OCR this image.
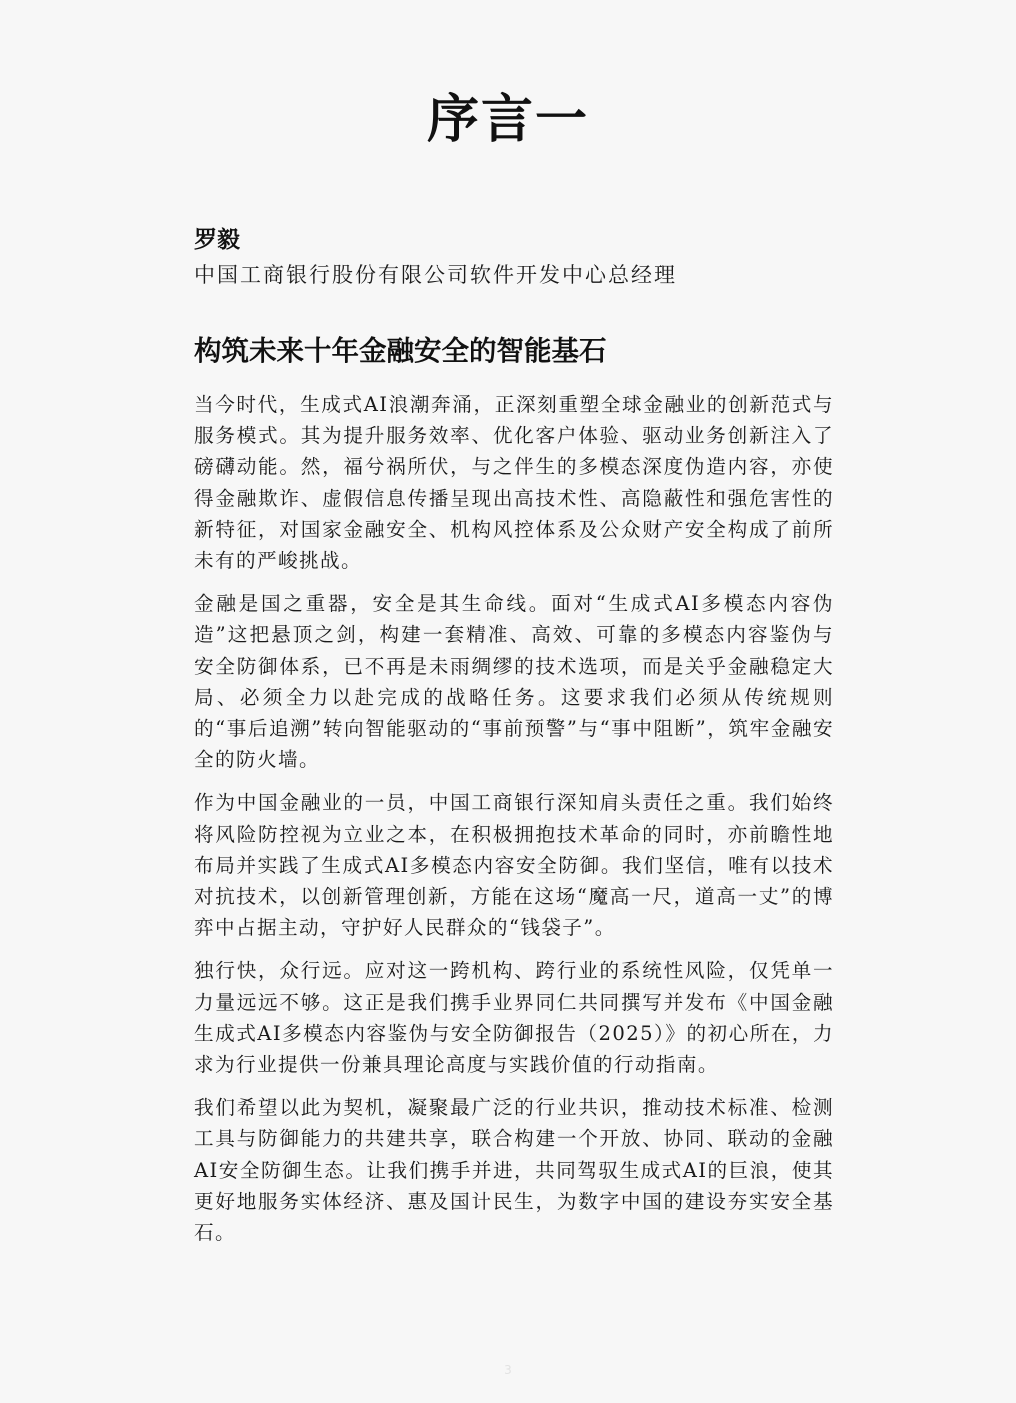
序言一

罗毅

中国工商银行股份有限公司软件开发中心总经理

构筑未来十年金融安全的智能基石

当今时代，生成式AI浪潮奔涌，正深刻重塑全球金融业的创新范式与服务模式。其为提升服务效率、优化客户体验、驱动业务创新注入了磅礴动能。然，福兮祸所伏，与之伴生的多模态深度伪造内容，亦使得金融欺诈、虚假信息传播呈现出高技术性、高隐蔽性和强危害性的新特征，对国家金融安全、机构风控体系及公众财产安全构成了前所未有的严峻挑战。

金融是国之重器，安全是其生命线。面对“生成式AI多模态内容伪造”这把悬顶之剑，构建一套精准、高效、可靠的多模态内容鉴伪与安全防御体系，已不再是未雨绸缪的技术选项，而是关乎金融稳定大局、必须全力以赴完成的战略任务。这要求我们必须从传统规则的“事后追溯”转向智能驱动的“事前预警”与“事中阻断”，筑牢金融安全的防火墙。

作为中国金融业的一员，中国工商银行深知肩头责任之重。我们始终将风险防控视为立业之本，在积极拥抱技术革命的同时，亦前瞻性地布局并实践了生成式AI多模态内容安全防御。我们坚信，唯有以技术对抗技术，以创新管理创新，方能在这场“魔高一尺，道高一丈”的博弈中占据主动，守护好人民群众的“钱袋子”。

独行快，众行远。应对这一跨机构、跨行业的系统性风险，仅凭单一力量远远不够。这正是我们携手业界同仁共同撰写并发布《中国金融生成式AI多模态内容鉴伪与安全防御报告（2025）》的初心所在，力求为行业提供一份兼具理论高度与实践价值的行动指南。

我们希望以此为契机，凝聚最广泛的行业共识，推动技术标准、检测工具与防御能力的共建共享，联合构建一个开放、协同、联动的金融AI安全防御生态。让我们携手并进，共同驾驭生成式AI的巨浪，使其更好地服务实体经济、惠及国计民生，为数字中国的建设夯实安全基石。

3
